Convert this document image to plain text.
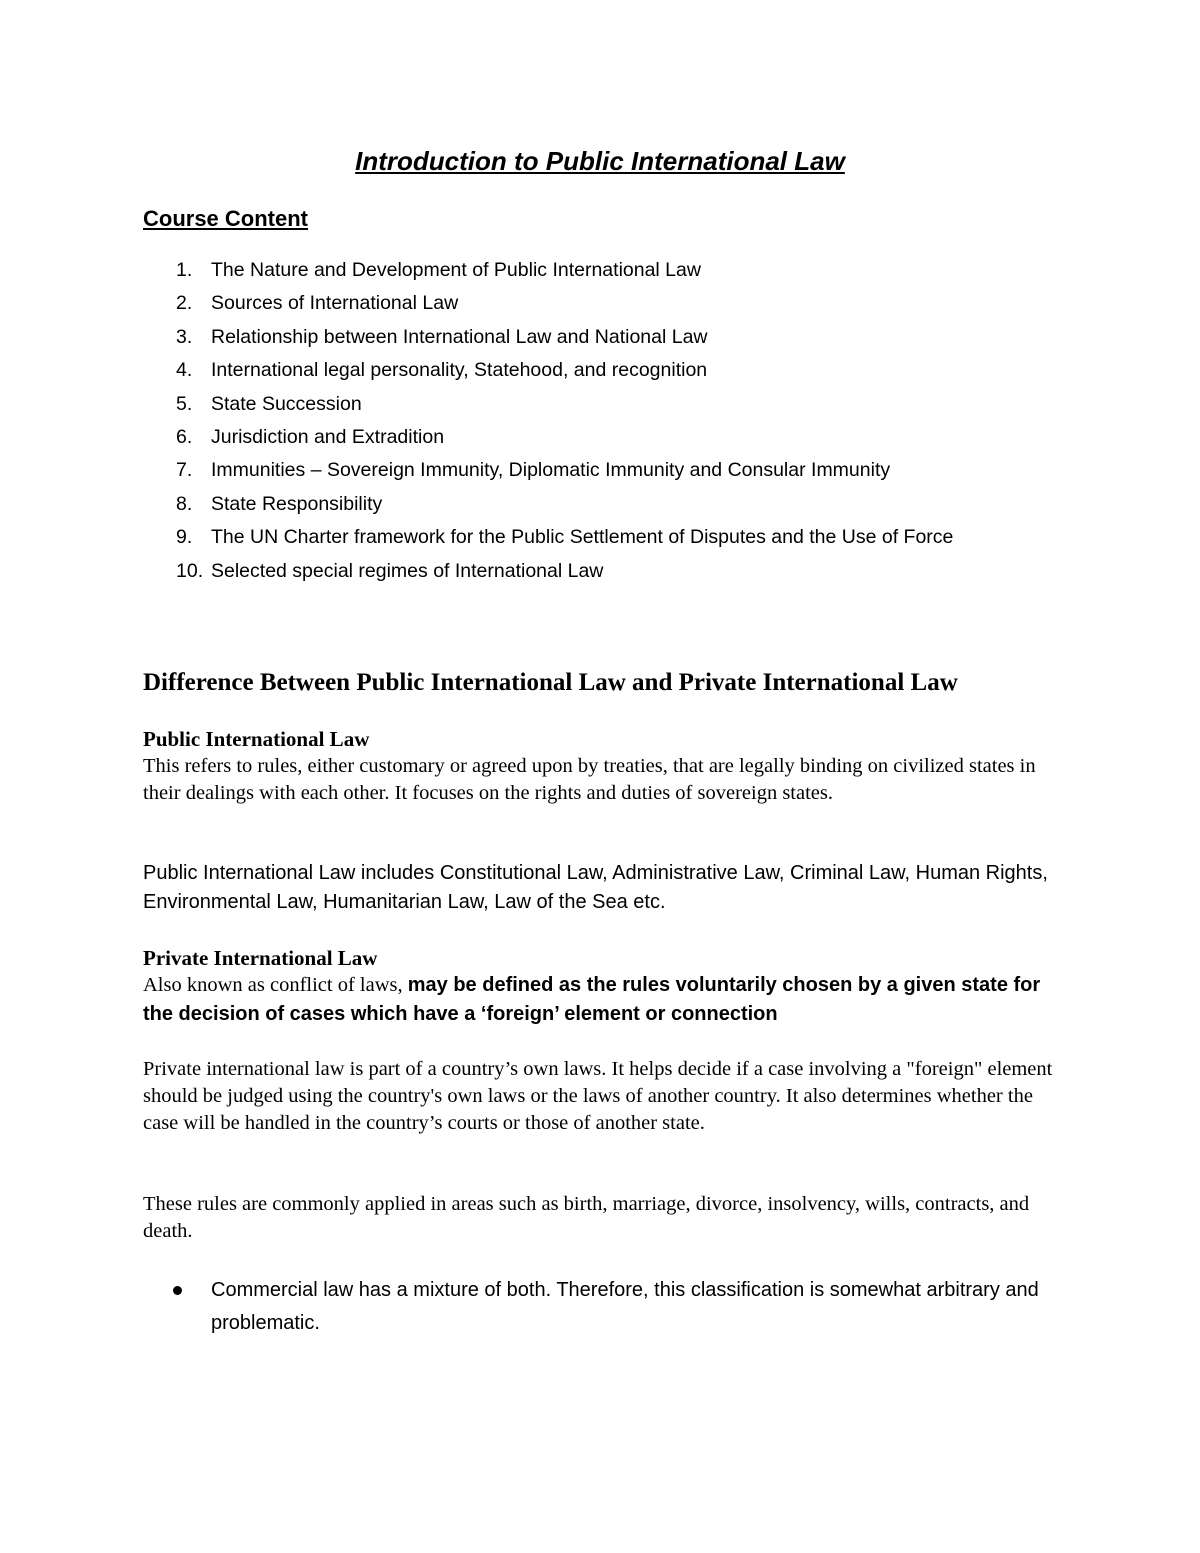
Introduction to Public International Law
Course Content
1. The Nature and Development of Public International Law
2. Sources of International Law
3. Relationship between International Law and National Law
4. International legal personality, Statehood, and recognition
5. State Succession
6. Jurisdiction and Extradition
7. Immunities – Sovereign Immunity, Diplomatic Immunity and Consular Immunity
8. State Responsibility
9. The UN Charter framework for the Public Settlement of Disputes and the Use of Force
10. Selected special regimes of International Law
Difference Between Public International Law and Private International Law
Public International Law

This refers to rules, either customary or agreed upon by treaties, that are legally binding on civilized states in their dealings with each other. It focuses on the rights and duties of sovereign states.

Public International Law includes Constitutional Law, Administrative Law, Criminal Law, Human Rights, Environmental Law, Humanitarian Law, Law of the Sea etc.

Private International Law

Also known as conflict of laws, may be defined as the rules voluntarily chosen by a given state for the decision of cases which have a ‘foreign’ element or connection

Private international law is part of a country’s own laws. It helps decide if a case involving a "foreign" element should be judged using the country's own laws or the laws of another country. It also determines whether the case will be handled in the country’s courts or those of another state.

These rules are commonly applied in areas such as birth, marriage, divorce, insolvency, wills, contracts, and death.

Commercial law has a mixture of both. Therefore, this classification is somewhat arbitrary and problematic.
